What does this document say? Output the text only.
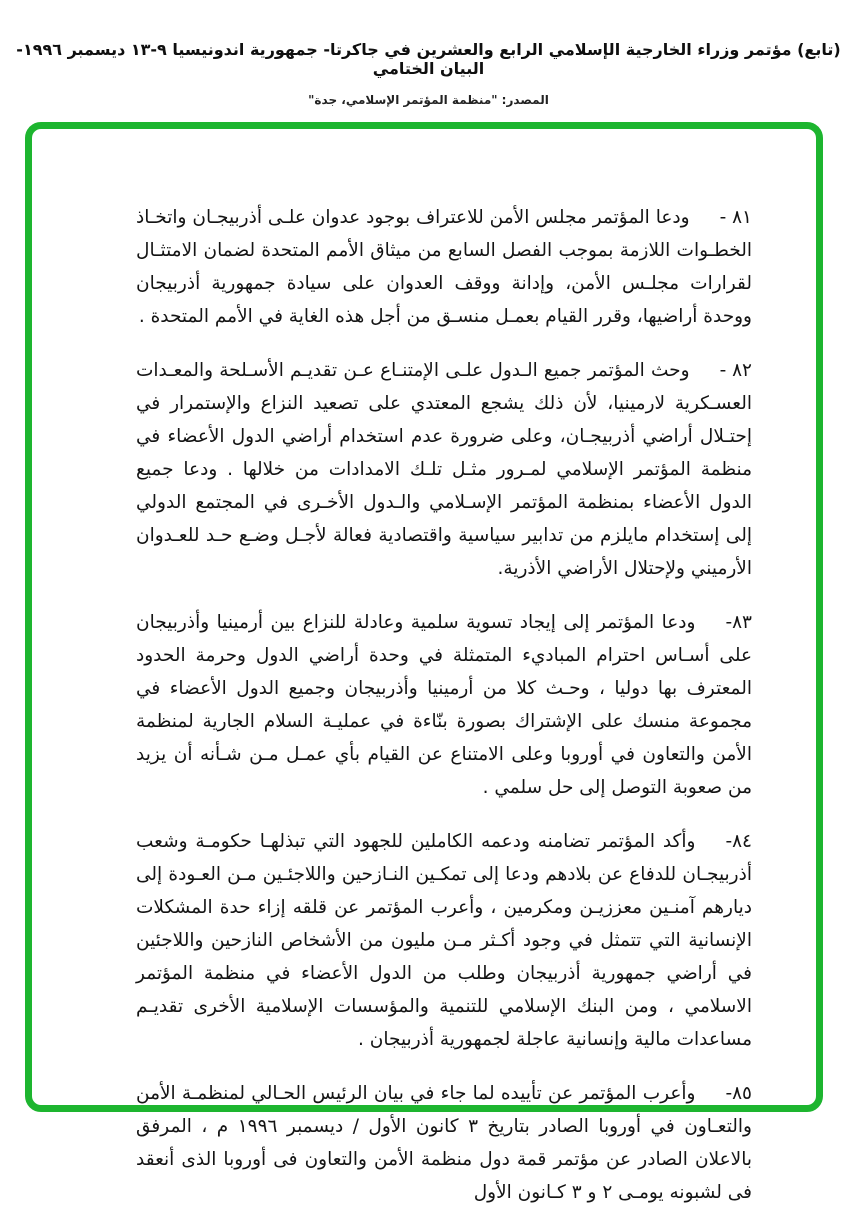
(تابع) مؤتمر وزراء الخارجية الإسلامي الرابع والعشرين في جاكرتا- جمهورية اندونيسيا ٩-١٣ ديسمبر ١٩٩٦-البيان الختامي
المصدر: "منظمة المؤتمر الإسلامي، جدة"

٨١ -ودعا المؤتمر مجلس الأمن للاعتراف بوجود عدوان علـى أذربيجـان واتخـاذ الخطـوات اللازمة بموجب الفصل السابع من ميثاق الأمم المتحدة لضمان الامتثـال لقرارات مجلـس الأمن، وإدانة ووقف العدوان على سيادة جمهورية أذربيجان ووحدة أراضيها، وقرر القيام بعمـل منسـق من أجل هذه الغاية في الأمم المتحدة .

٨٢ -وحث المؤتمر جميع الـدول علـى الإمتنـاع عـن تقديـم الأسـلحة والمعـدات العسـكرية لارمينيا، لأن ذلك يشجع المعتدي على تصعيد النزاع والإستمرار في إحتـلال أراضي أذربيجـان، وعلى ضرورة عدم استخدام أراضي الدول الأعضاء في منظمة المؤتمر الإسلامي لمـرور مثـل تلـك الامدادات من خلالها . ودعا جميع الدول الأعضاء بمنظمة المؤتمر الإسـلامي والـدول الأخـرى في المجتمع الدولي إلى إستخدام مايلزم من تدابير سياسية واقتصادية فعالة لأجـل وضـع حـد للعـدوان الأرميني ولإحتلال الأراضي الأذرية.

٨٣-ودعا المؤتمر إلى إيجاد تسوية سلمية وعادلة للنزاع بين أرمينيا وأذربيجان على أسـاس احترام المباديء المتمثلة في وحدة أراضي الدول وحرمة الحدود المعترف بها دوليا ، وحـث كلا من أرمينيا وأذربيجان وجميع الدول الأعضاء في مجموعة منسك على الإشتراك بصورة بنّاءة في عمليـة السلام الجارية لمنظمة الأمن والتعاون في أوروبا وعلى الامتناع عن القيام بأي عمـل مـن شـأنه أن يزيد من صعوبة التوصل إلى حل سلمي .

٨٤-وأكد المؤتمر تضامنه ودعمه الكاملين للجهود التي تبذلهـا حكومـة وشعب أذربيجـان للدفاع عن بلادهم ودعا إلى تمكـين النـازحين واللاجئـين مـن العـودة إلى ديارهم آمنـين معززيـن ومكرمين ، وأعرب المؤتمر عن قلقه إزاء حدة المشكلات الإنسانية التي تتمثل في وجود أكـثر مـن مليون من الأشخاص النازحين واللاجئين في أراضي جمهورية أذربيجان وطلب من الدول الأعضاء في منظمة المؤتمر الاسلامي ، ومن البنك الإسلامي للتنمية والمؤسسات الإسلامية الأخرى تقديـم مساعدات مالية وإنسانية عاجلة لجمهورية أذربيجان .

٨٥-وأعرب المؤتمر عن تأييده لما جاء في بيان الرئيس الحـالي لمنظمـة الأمن والتعـاون في أوروبا الصادر بتاريخ ٣ كانون الأول / ديسمبر ١٩٩٦ م ، المرفق بالاعلان الصادر عن مؤتمر قمة دول منظمة الأمن والتعاون فى أوروبا الذى أنعقد فى لشبونه يومـى ٢ و ٣ كـانون الأول
